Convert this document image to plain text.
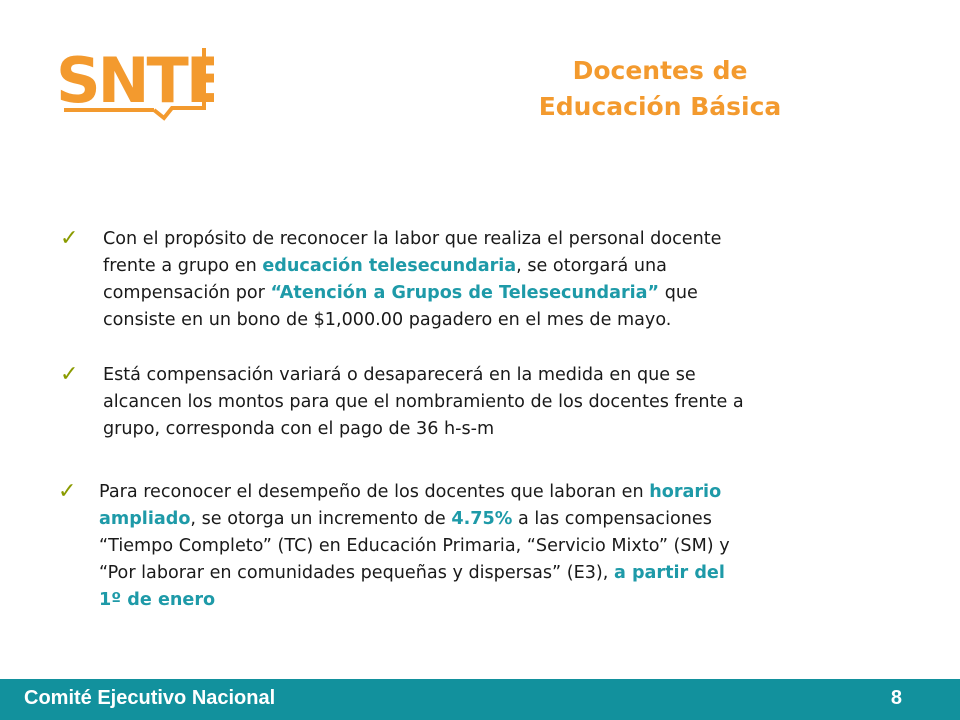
SNTE	Docentes de
Educación Básica
✓ Con el propósito de reconocer la labor que realiza el personal docente
frente a grupo en educación telesecundaria, se otorgará una
compensación por “Atención a Grupos de Telesecundaria” que
consiste en un bono de $1,000.00 pagadero en el mes de mayo.
✓ Está compensación variará o desaparecerá en la medida en que se
alcancen los montos para que el nombramiento de los docentes frente a
grupo, corresponda con el pago de 36 h-s-m
✓ Para reconocer el desempeño de los docentes que laboran en horario
ampliado, se otorga un incremento de 4.75% a las compensaciones
“Tiempo Completo” (TC) en Educación Primaria, “Servicio Mixto” (SM) y
“Por laborar en comunidades pequeñas y dispersas” (E3), a partir del
1º de enero
Comité Ejecutivo Nacional	8
